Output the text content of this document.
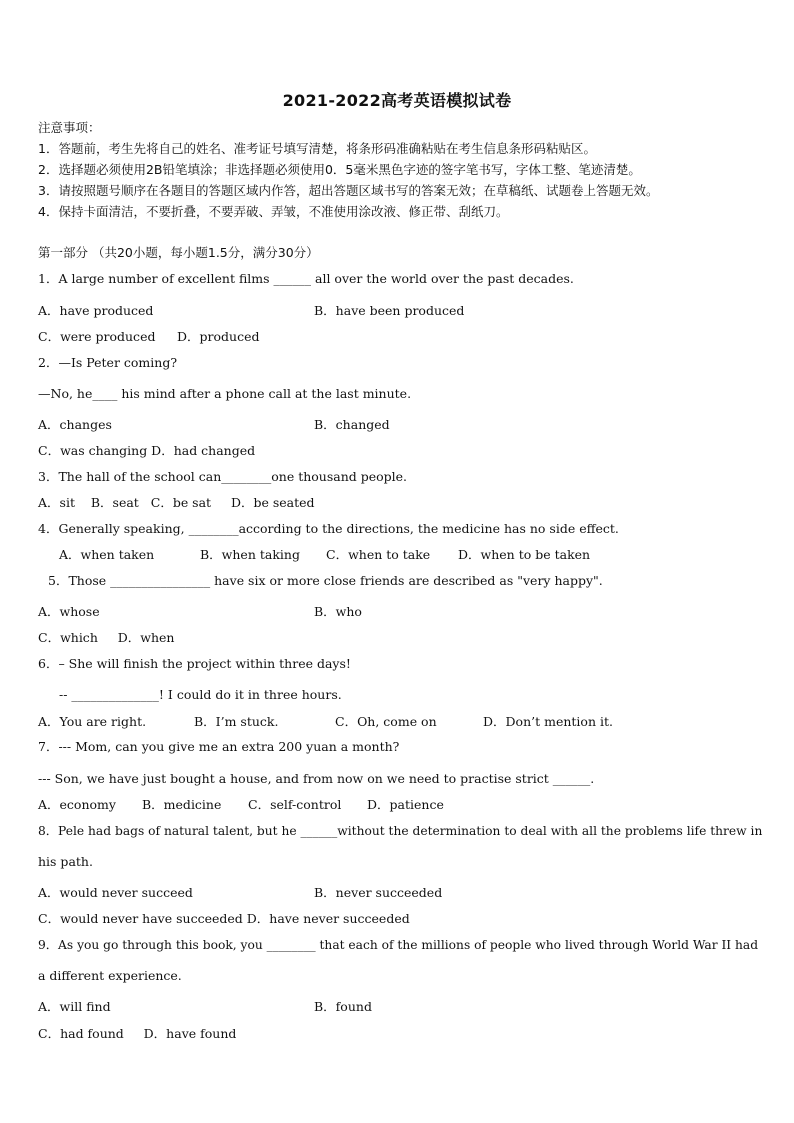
2021-2022高考英语模拟试卷
注意事项：
1．答题前，考生先将自己的姓名、准考证号填写清楚，将条形码准确粘贴在考生信息条形码粘贴区。
2．选择题必须使用2B铅笔填涂；非选择题必须使用0．5毫米黑色字迹的签字笔书写，字体工整、笔迹清楚。
3．请按照题号顺序在各题目的答题区域内作答，超出答题区域书写的答案无效；在草稿纸、试题卷上答题无效。
4．保持卡面清洁，不要折叠，不要弄破、弄皱，不准使用涂改液、修正带、刮纸刀。
第一部分 （共20小题，每小题1.5分，满分30分）
1．A large number of excellent films ______ all over the world over the past decades.
A．have produced	B．have been produced
C．were produced D．produced
2．—Is Peter coming?
—No, he____ his mind after a phone call at the last minute.
A．changes	B．changed
C．was changing D．had changed
3．The hall of the school can________one thousand people.
A．sit    B．seat   C．be sat     D．be seated
4．Generally speaking, ________according to the directions, the medicine has no side effect.
A．when taken	B．when taking C．when to take D．when to be taken
5．Those ________________ have six or more close friends are described as "very happy".
A．whose	B．who
C．which     D．when
6．– She will finish the project within three days!
-- ______________! I could do it in three hours.
A．You are right.	B．I’m stuck.	C．Oh, come on	D．Don’t mention it.
7．--- Mom, can you give me an extra 200 yuan a month?
--- Son, we have just bought a house, and from now on we need to practise strict ______.
A．economy B．medicine C．self-control D．patience
8．Pele had bags of natural talent, but he ______without the determination to deal with all the problems life threw in
his path.
A．would never succeed	B．never succeeded
C．would never have succeeded D．have never succeeded
9．As you go through this book, you ________ that each of the millions of people who lived through World War II had
a different experience.
A．will find	B．found
C．had found     D．have found
